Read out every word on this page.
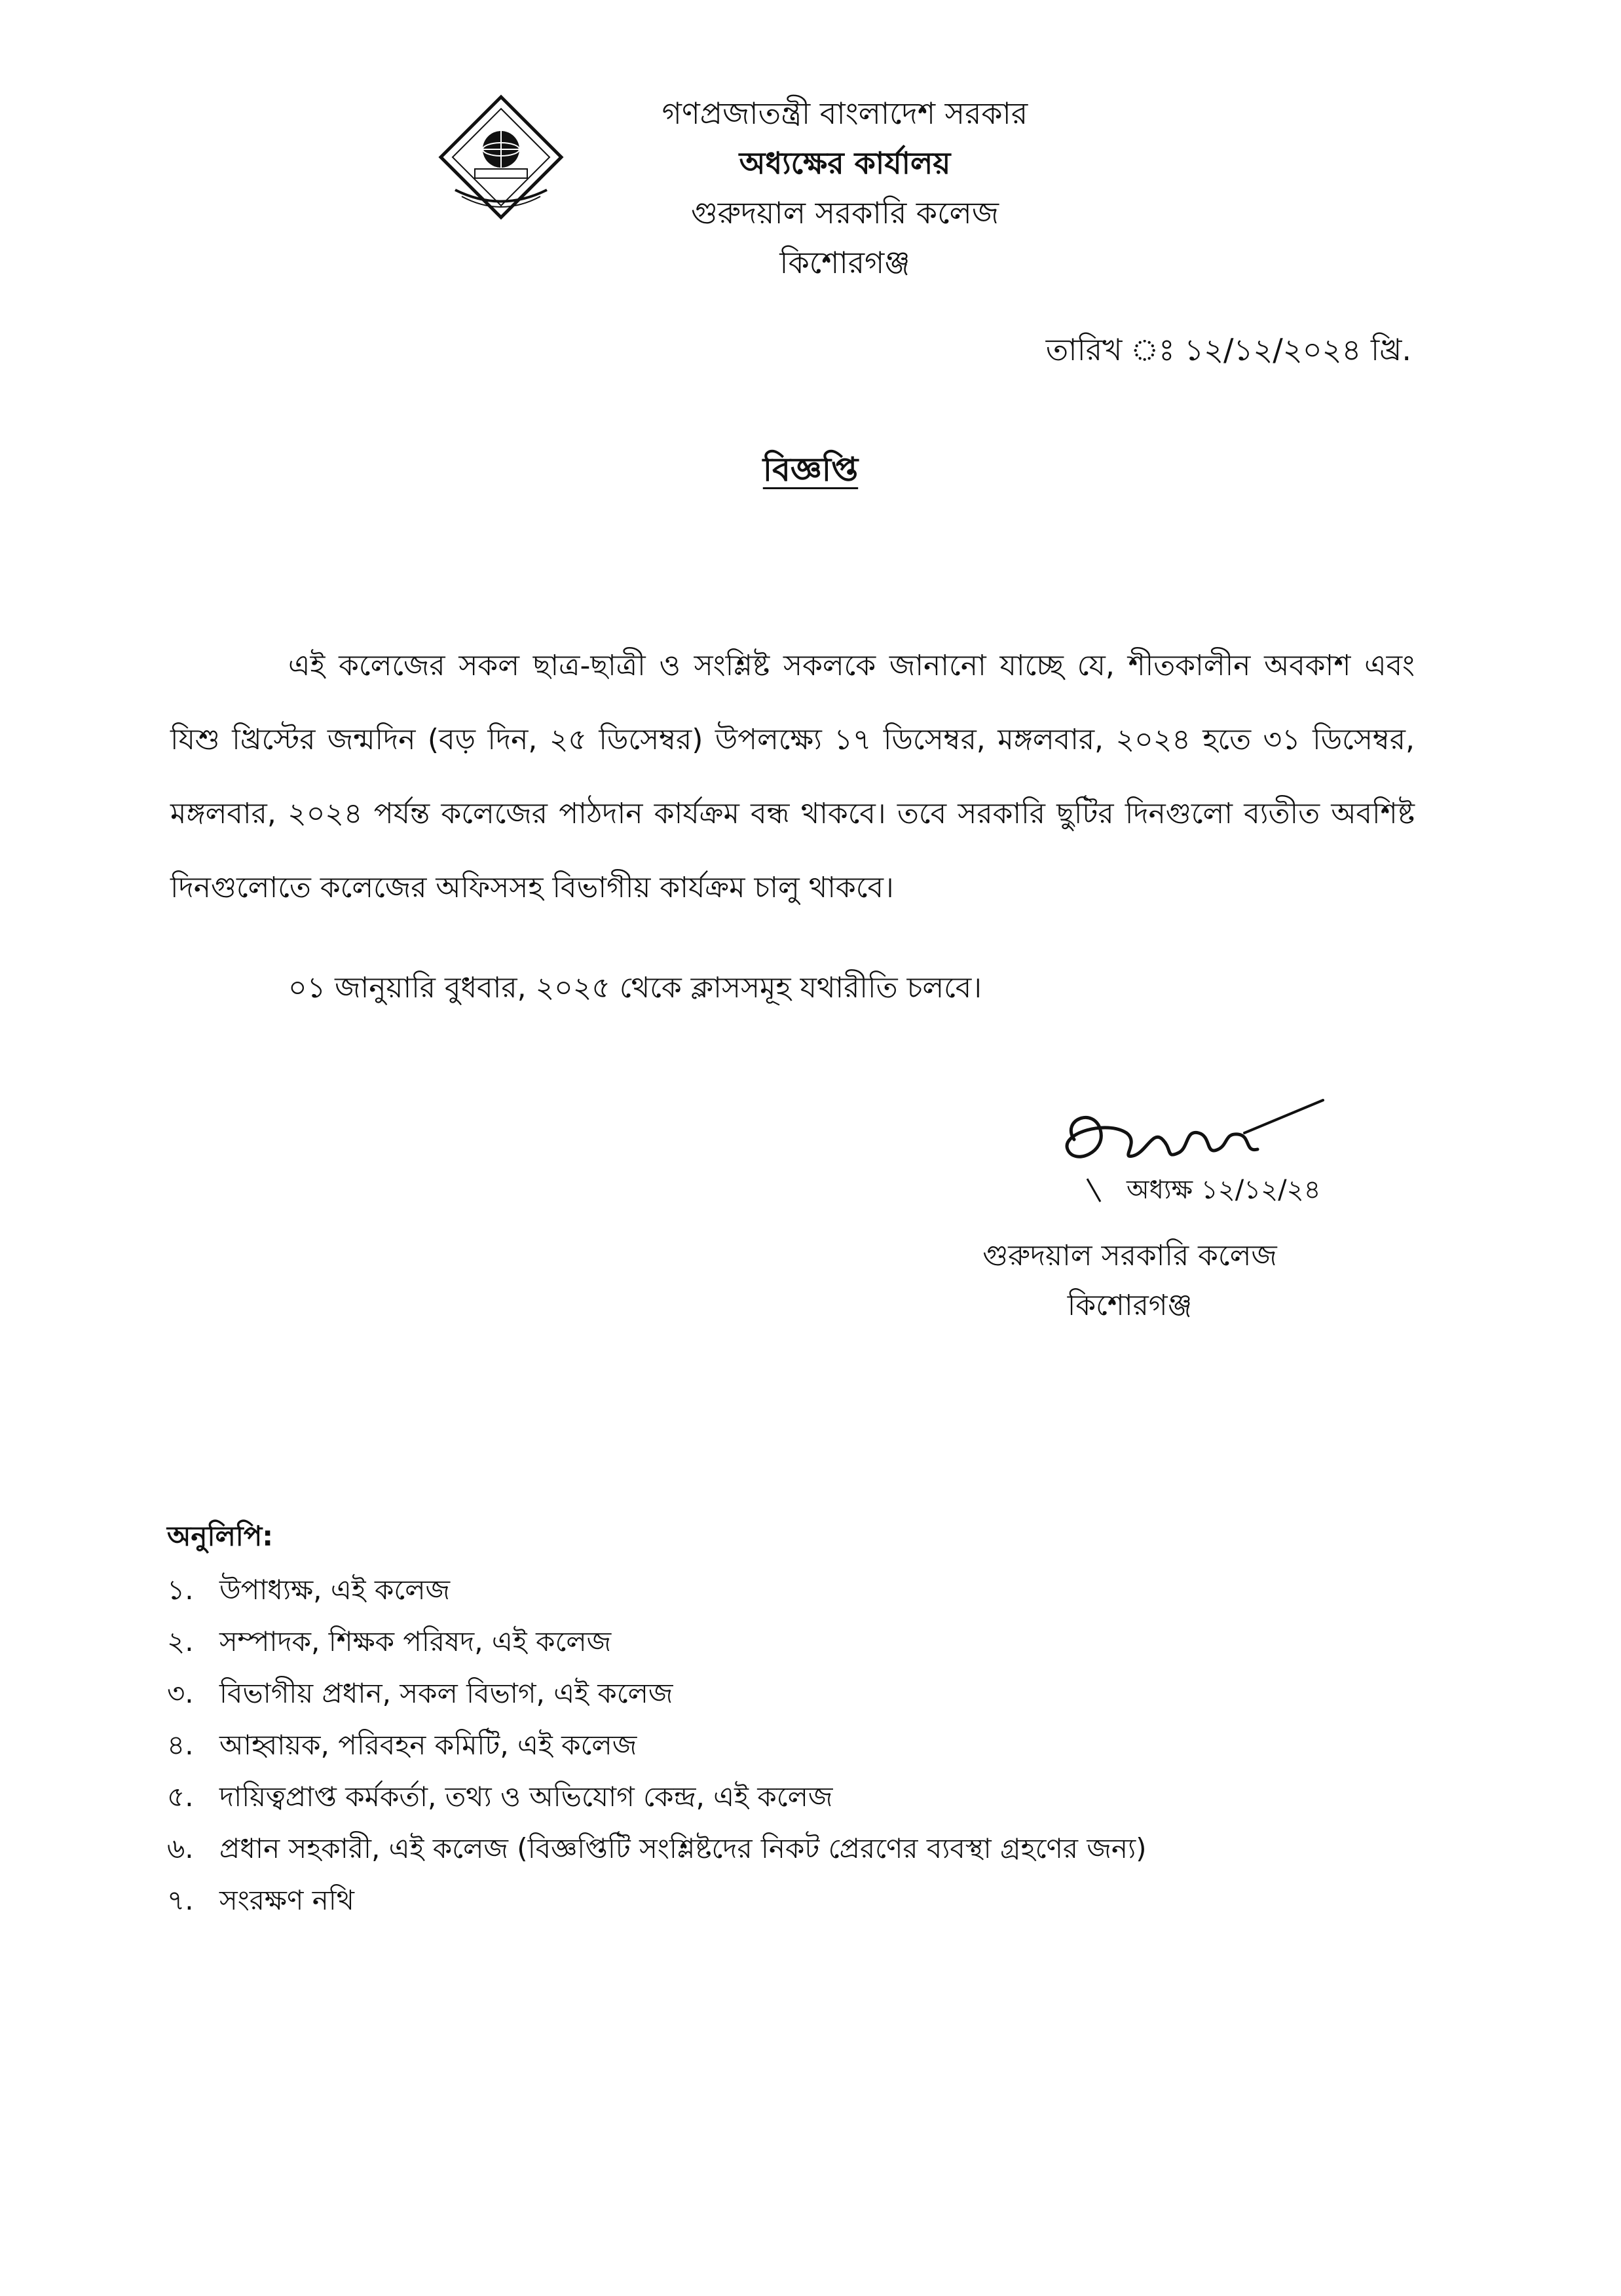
গণপ্রজাতন্ত্রী বাংলাদেশ সরকার
অধ্যক্ষের কার্যালয়
গুরুদয়াল সরকারি কলেজ
কিশোরগঞ্জ
তারিখ ঃ ১২/১২/২০২৪ খ্রি.
বিজ্ঞপ্তি
এই কলেজের সকল ছাত্র-ছাত্রী ও সংশ্লিষ্ট সকলকে জানানো যাচ্ছে যে, শীতকালীন অবকাশ এবং যিশু খ্রিস্টের জন্মদিন (বড় দিন, ২৫ ডিসেম্বর) উপলক্ষ্যে ১৭ ডিসেম্বর, মঙ্গলবার, ২০২৪ হতে ৩১ ডিসেম্বর, মঙ্গলবার, ২০২৪ পর্যন্ত কলেজের পাঠদান কার্যক্রম বন্ধ থাকবে। তবে সরকারি ছুটির দিনগুলো ব্যতীত অবশিষ্ট দিনগুলোতে কলেজের অফিসসহ বিভাগীয় কার্যক্রম চালু থাকবে।
০১ জানুয়ারি বুধবার, ২০২৫ থেকে ক্লাসসমূহ যথারীতি চলবে।
অধ্যক্ষ ১২/১২/২৪
গুরুদয়াল সরকারি কলেজ
কিশোরগঞ্জ
অনুলিপি:
১. উপাধ্যক্ষ, এই কলেজ
২. সম্পাদক, শিক্ষক পরিষদ, এই কলেজ
৩. বিভাগীয় প্রধান, সকল বিভাগ, এই কলেজ
৪. আহ্বায়ক, পরিবহন কমিটি, এই কলেজ
৫. দায়িত্বপ্রাপ্ত কর্মকর্তা, তথ্য ও অভিযোগ কেন্দ্র, এই কলেজ
৬. প্রধান সহকারী, এই কলেজ (বিজ্ঞপ্তিটি সংশ্লিষ্টদের নিকট প্রেরণের ব্যবস্থা গ্রহণের জন্য)
৭. সংরক্ষণ নথি
